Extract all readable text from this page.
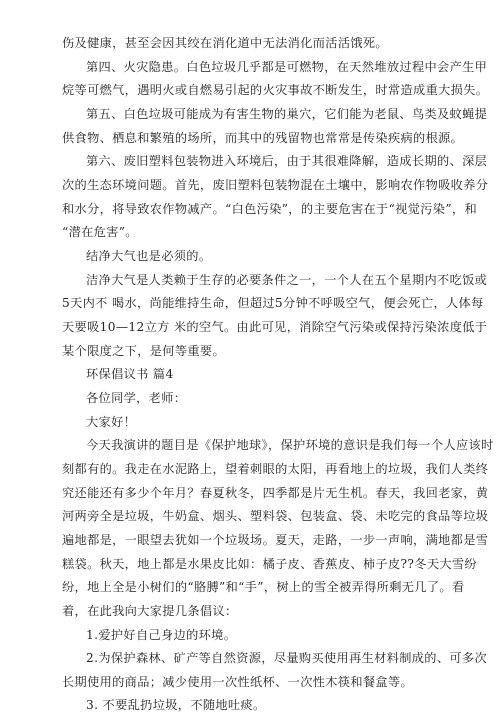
伤及健康，甚至会因其绞在消化道中无法消化而活活饿死。
第四、火灾隐患。白色垃圾几乎都是可燃物，在天然堆放过程中会产生甲
烷等可燃气，遇明火或自燃易引起的火灾事故不断发生，时常造成重大损失。
第五、白色垃圾可能成为有害生物的巢穴，它们能为老鼠、鸟类及蚊蝇提
供食物、栖息和繁殖的场所，而其中的残留物也常常是传染疾病的根源。
第六、废旧塑料包装物进入环境后，由于其很难降解，造成长期的、深层
次的生态环境问题。首先，废旧塑料包装物混在土壤中，影响农作物吸收养分
和水分，将导致农作物减产。“白色污染”，的主要危害在于“视觉污染”，和
“潜在危害”。
结净大气也是必须的。
洁净大气是人类赖于生存的必要条件之一，一个人在五个星期内不吃饭或
5天内不 喝水，尚能维持生命，但超过5分钟不呼吸空气，便会死亡，人体每
天要吸10—12立方 米的空气。由此可见，消除空气污染或保持污染浓度低于
某个限度之下，是何等重要。
环保倡议书 篇4
各位同学，老师：
大家好！
今天我演讲的题目是《保护地球》，保护环境的意识是我们每一个人应该时
刻都有的。我走在水泥路上，望着刺眼的太阳，再看地上的垃圾，我们人类终
究还能还有多少个年月？春夏秋冬，四季都是片无生机。春天，我回老家，黄
河两旁全是垃圾，牛奶盒、烟头、塑料袋、包装盒、袋、未吃完的食品等垃圾
遍地都是，一眼望去犹如一个垃圾场。夏天，走路，一步一声响，满地都是雪
糕袋。秋天，地上都是水果皮比如：橘子皮、香蕉皮、柿子皮??冬天大雪纷
纷，地上全是小树们的“胳膊”和“手”，树上的雪全被弄得所剩无几了。看
着，在此我向大家提几条倡议：
1.爱护好自己身边的环境。
2.为保护森林、矿产等自然资源，尽量购买使用再生材料制成的、可多次
长期使用的商品；减少使用一次性纸杯、一次性木筷和餐盒等。
3. 不要乱扔垃圾，不随地吐痰。
